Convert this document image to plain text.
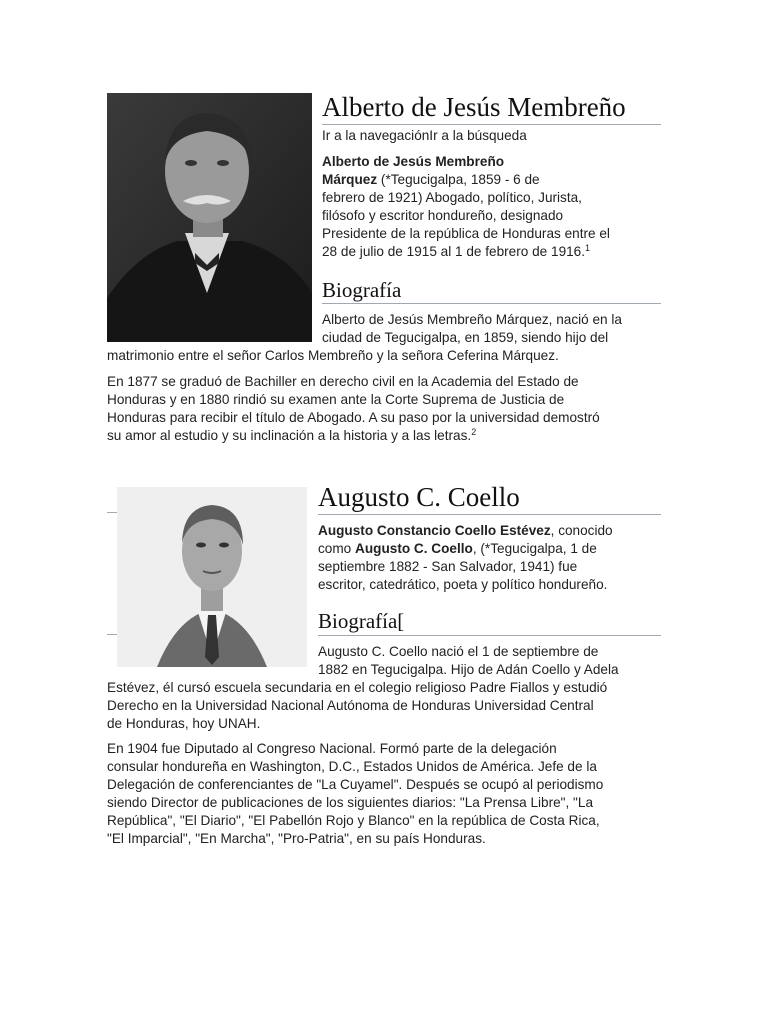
Alberto de Jesús Membreño

Ir a la navegaciónIr a la búsqueda

Alberto de Jesús Membreño
Márquez (*Tegucigalpa, 1859 - 6 de
febrero de 1921) Abogado, político, Jurista,
filósofo y escritor hondureño, designado
Presidente de la república de Honduras entre el
28 de julio de 1915 al 1 de febrero de 1916.$^1$
Biografía
Alberto de Jesús Membreño Márquez, nació en la
ciudad de Tegucigalpa, en 1859, siendo hijo del
matrimonio entre el señor Carlos Membreño y la señora Ceferina Márquez.
En 1877 se graduó de Bachiller en derecho civil en la Academia del Estado de
Honduras y en 1880 rindió su examen ante la Corte Suprema de Justicia de
Honduras para recibir el título de Abogado. A su paso por la universidad demostró
su amor al estudio y su inclinación a la historia y a las letras.$^2$
Augusto C. Coello
Augusto Constancio Coello Estévez, conocido
como Augusto C. Coello, (*Tegucigalpa, 1 de
septiembre 1882 - San Salvador, 1941) fue
escritor, catedrático, poeta y político hondureño.
Biografía[
Augusto C. Coello nació el 1 de septiembre de
1882 en Tegucigalpa. Hijo de Adán Coello y Adela
Estévez, él cursó escuela secundaria en el colegio religioso Padre Fiallos y estudió
Derecho en la Universidad Nacional Autónoma de Honduras Universidad Central
de Honduras, hoy UNAH.
En 1904 fue Diputado al Congreso Nacional. Formó parte de la delegación
consular hondureña en Washington, D.C., Estados Unidos de América. Jefe de la
Delegación de conferenciantes de "La Cuyamel". Después se ocupó al periodismo
siendo Director de publicaciones de los siguientes diarios: "La Prensa Libre", "La
República", "El Diario", "El Pabellón Rojo y Blanco" en la república de Costa Rica,
"El Imparcial", "En Marcha", "Pro-Patria", en su país Honduras.
